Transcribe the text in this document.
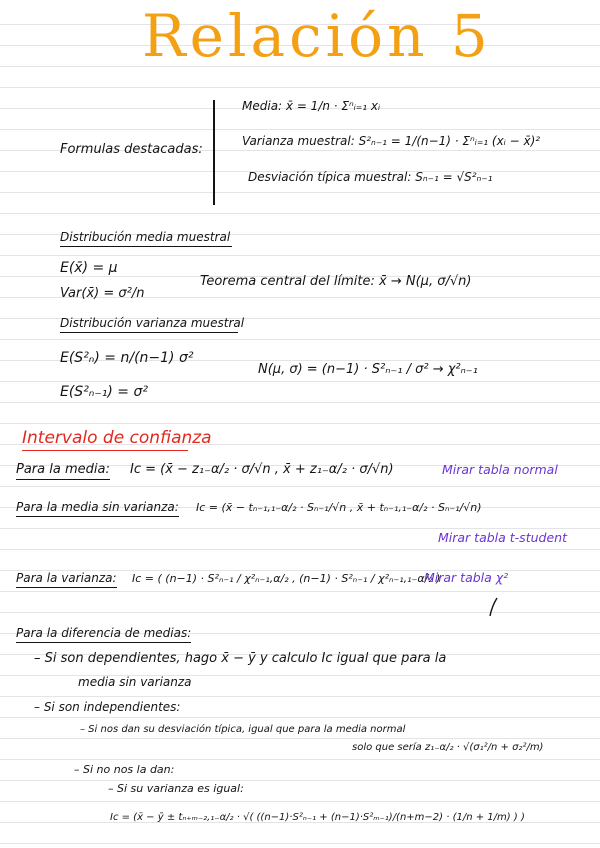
Relación 5
Formulas destacadas:
Media: x̄ = 1/n · Σⁿᵢ₌₁ xᵢ
Varianza muestral: S²ₙ₋₁ = 1/(n−1) · Σⁿᵢ₌₁ (xᵢ − x̄)²
Desviación típica muestral: Sₙ₋₁ = √S²ₙ₋₁
Distribución media muestral
E(x̄) = μ
Var(x̄) = σ²/n
Teorema central del límite: x̄ → N(μ, σ/√n)
Distribución varianza muestral
E(S²ₙ) = n/(n−1) σ²
E(S²ₙ₋₁) = σ²
N(μ, σ) = (n−1) · S²ₙ₋₁ / σ² → χ²ₙ₋₁
Intervalo de confianza
Para la media: Ic = (x̄ − z₁₋α/₂ · σ/√n , x̄ + z₁₋α/₂ · σ/√n)	Mirar tabla normal
Para la media sin varianza: Ic = (x̄ − tₙ₋₁,₁₋α/₂ · Sₙ₋₁/√n , x̄ + tₙ₋₁,₁₋α/₂ · Sₙ₋₁/√n)
Mirar tabla t-student
Para la varianza: Ic = ( (n−1) · S²ₙ₋₁ / χ²ₙ₋₁,α/₂ , (n−1) · S²ₙ₋₁ / χ²ₙ₋₁,₁₋α/₂ )
Mirar tabla χ²
Para la diferencia de medias:
– Si son dependientes, hago x̄ − ȳ y calculo Ic igual que para la
media sin varianza
– Si son independientes:
– Si nos dan su desviación típica, igual que para la media normal
solo que sería z₁₋α/₂ · √(σ₁²/n + σ₂²/m)
– Si no nos la dan:
– Si su varianza es igual:
Ic = (x̄ − ȳ ± tₙ₊ₘ₋₂,₁₋α/₂ · √( ((n−1)·S²ₙ₋₁ + (n−1)·S²ₘ₋₁)/(n+m−2) · (1/n + 1/m) ) )
